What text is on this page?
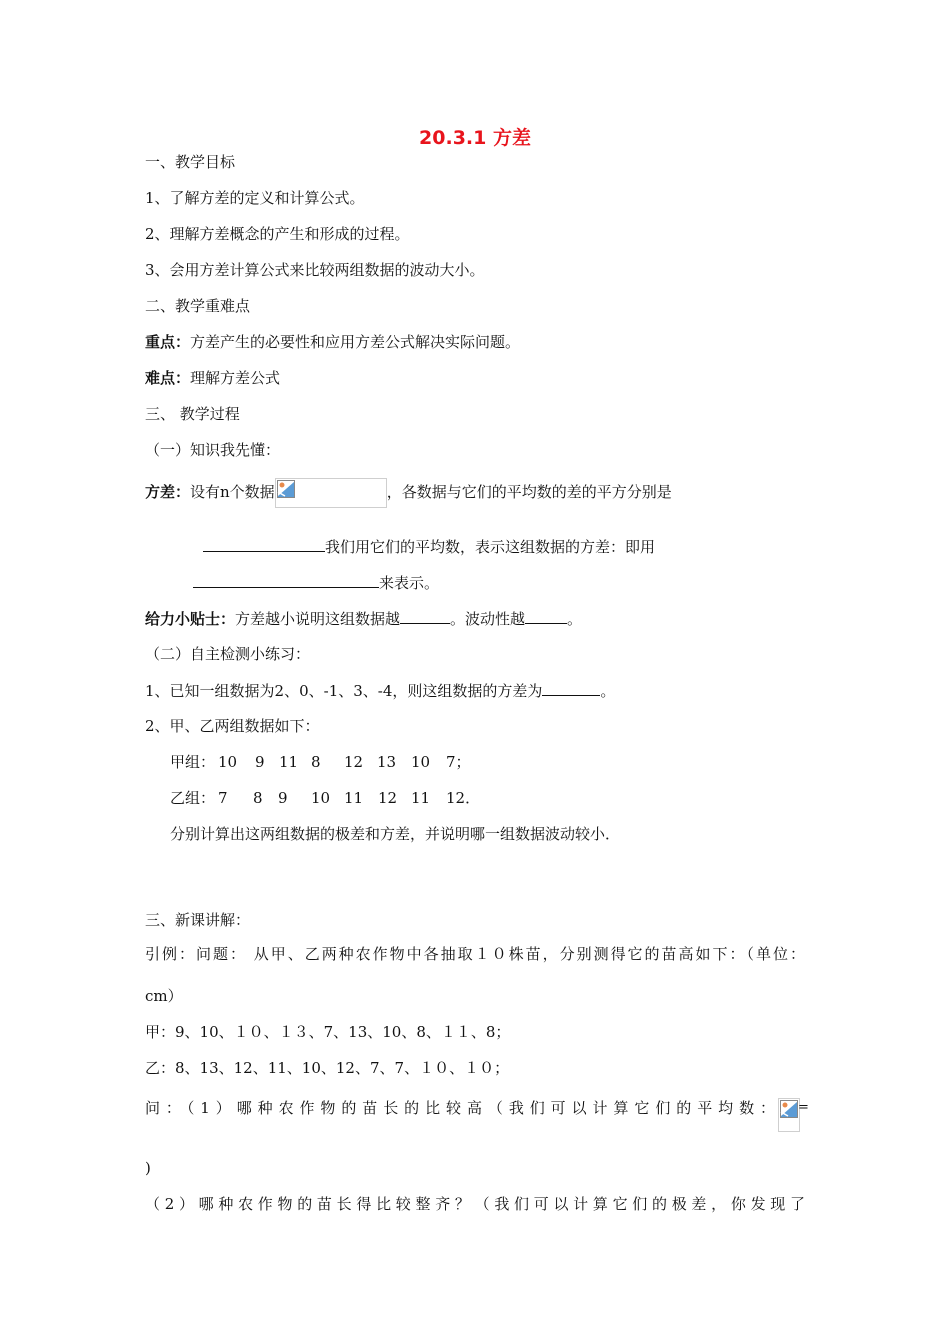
20.3.1 方差
一、教学目标
1、了解方差的定义和计算公式。
2、理解方差概念的产生和形成的过程。
3、会用方差计算公式来比较两组数据的波动大小。
二、教学重难点
重点：方差产生的必要性和应用方差公式解决实际问题。
难点：理解方差公式
三、 教学过程
（一）知识我先懂：
方差：设有n个数据	，各数据与它们的平均数的差的平方分别是
我们用它们的平均数，表示这组数据的方差：即用
来表示。
给力小贴士：方差越小说明这组数据越	。波动性越	。
（二）自主检测小练习：
1、已知一组数据为2、0、-1、3、-4，则这组数据的方差为	。
2、甲、乙两组数据如下：
甲组： 10 9 11 8 12 13 10 7；
乙组： 7 8 9 10 11 12 11 12．
分别计算出这两组数据的极差和方差，并说明哪一组数据波动较小．
三、新课讲解：
引例：问题： 从甲、乙两种农作物中各抽取１０株苗，分别测得它的苗高如下：（单位：
cm）
甲：9、10、１０、１３、7、13、10、8、１１、8；
乙：8、13、12、11、10、12、7、7、１０、１０；
问：（1）哪种农作物的苗长的比较高（我们可以计算它们的平均数： =
)
（2）哪种农作物的苗长得比较整齐？（我们可以计算它们的极差，你发现了
